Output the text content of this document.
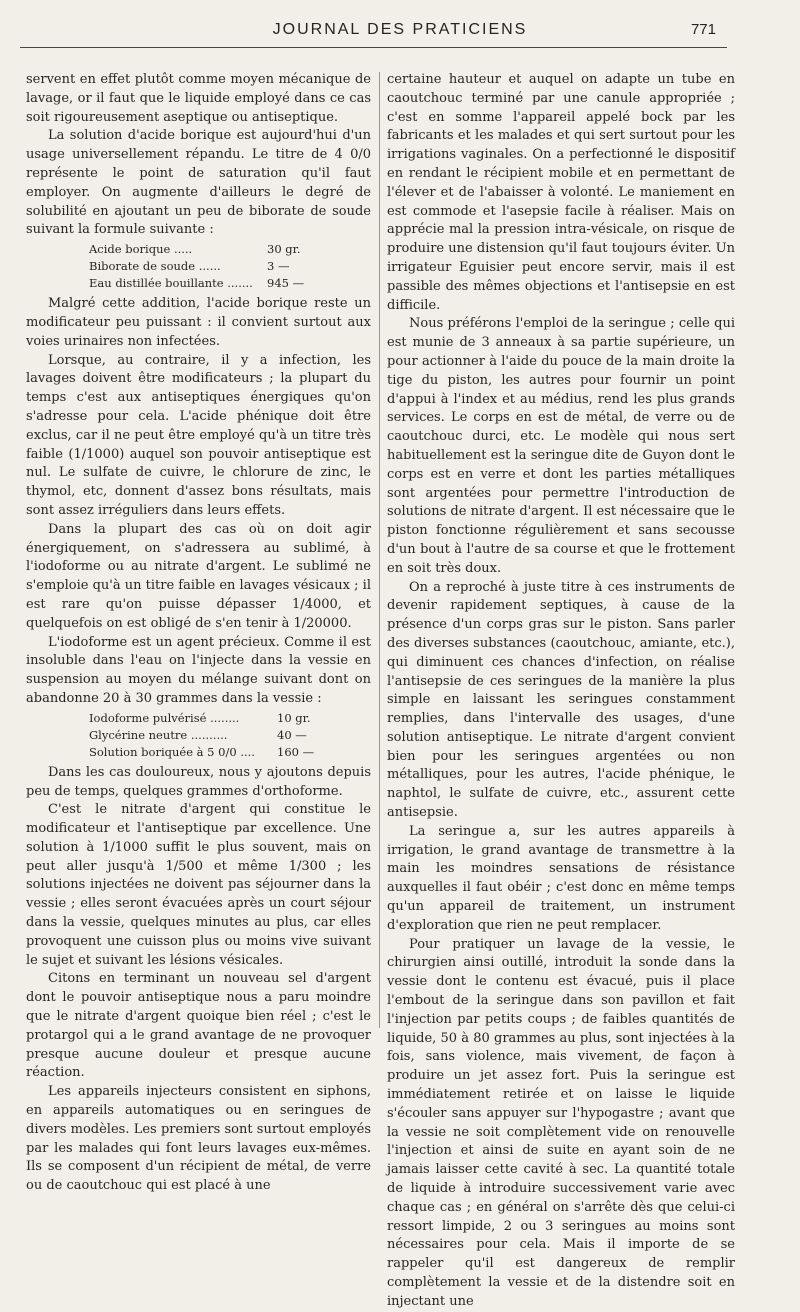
JOURNAL DES PRATICIENS	771

servent en effet plutôt comme moyen mécanique de lavage, or il faut que le liquide employé dans ce cas soit rigoureusement aseptique ou antiseptique.

La solution d'acide borique est aujourd'hui d'un usage universellement répandu. Le titre de 4 0/0 représente le point de saturation qu'il faut employer. On augmente d'ailleurs le degré de solubilité en ajoutant un peu de biborate de soude suivant la formule suivante :

Acide borique .....	30 gr.
Biborate de soude ......	3 —
Eau distillée bouillante .......	945 —

Malgré cette addition, l'acide borique reste un modificateur peu puissant : il convient surtout aux voies urinaires non infectées.

Lorsque, au contraire, il y a infection, les lavages doivent être modificateurs ; la plupart du temps c'est aux antiseptiques énergiques qu'on s'adresse pour cela. L'acide phénique doit être exclus, car il ne peut être employé qu'à un titre très faible (1/1000) auquel son pouvoir antiseptique est nul. Le sulfate de cuivre, le chlorure de zinc, le thymol, etc, donnent d'assez bons résultats, mais sont assez irréguliers dans leurs effets.

Dans la plupart des cas où on doit agir énergiquement, on s'adressera au sublimé, à l'iodoforme ou au nitrate d'argent. Le sublimé ne s'emploie qu'à un titre faible en lavages vésicaux ; il est rare qu'on puisse dépasser 1/4000, et quelquefois on est obligé de s'en tenir à 1/20000.

L'iodoforme est un agent précieux. Comme il est insoluble dans l'eau on l'injecte dans la vessie en suspension au moyen du mélange suivant dont on abandonne 20 à 30 grammes dans la vessie :

Iodoforme pulvérisé ........	10 gr.
Glycérine neutre ..........	40 —
Solution boriquée à 5 0/0 ....	160 —

Dans les cas douloureux, nous y ajoutons depuis peu de temps, quelques grammes d'orthoforme.

C'est le nitrate d'argent qui constitue le modificateur et l'antiseptique par excellence. Une solution à 1/1000 suffit le plus souvent, mais on peut aller jusqu'à 1/500 et même 1/300 ; les solutions injectées ne doivent pas séjourner dans la vessie ; elles seront évacuées après un court séjour dans la vessie, quelques minutes au plus, car elles provoquent une cuisson plus ou moins vive suivant le sujet et suivant les lésions vésicales.

Citons en terminant un nouveau sel d'argent dont le pouvoir antiseptique nous a paru moindre que le nitrate d'argent quoique bien réel ; c'est le protargol qui a le grand avantage de ne provoquer presque aucune douleur et presque aucune réaction.

Les appareils injecteurs consistent en siphons, en appareils automatiques ou en seringues de divers modèles. Les premiers sont surtout employés par les malades qui font leurs lavages eux-mêmes. Ils se composent d'un récipient de métal, de verre ou de caoutchouc qui est placé à une

certaine hauteur et auquel on adapte un tube en caoutchouc terminé par une canule appropriée ; c'est en somme l'appareil appelé bock par les fabricants et les malades et qui sert surtout pour les irrigations vaginales. On a perfectionné le dispositif en rendant le récipient mobile et en permettant de l'élever et de l'abaisser à volonté. Le maniement en est commode et l'asepsie facile à réaliser. Mais on apprécie mal la pression intra-vésicale, on risque de produire une distension qu'il faut toujours éviter. Un irrigateur Eguisier peut encore servir, mais il est passible des mêmes objections et l'antisepsie en est difficile.

Nous préférons l'emploi de la seringue ; celle qui est munie de 3 anneaux à sa partie supérieure, un pour actionner à l'aide du pouce de la main droite la tige du piston, les autres pour fournir un point d'appui à l'index et au médius, rend les plus grands services. Le corps en est de métal, de verre ou de caoutchouc durci, etc. Le modèle qui nous sert habituellement est la seringue dite de Guyon dont le corps est en verre et dont les parties métalliques sont argentées pour permettre l'introduction de solutions de nitrate d'argent. Il est nécessaire que le piston fonctionne régulièrement et sans secousse d'un bout à l'autre de sa course et que le frottement en soit très doux.

On a reproché à juste titre à ces instruments de devenir rapidement septiques, à cause de la présence d'un corps gras sur le piston. Sans parler des diverses substances (caoutchouc, amiante, etc.), qui diminuent ces chances d'infection, on réalise l'antisepsie de ces seringues de la manière la plus simple en laissant les seringues constamment remplies, dans l'intervalle des usages, d'une solution antiseptique. Le nitrate d'argent convient bien pour les seringues argentées ou non métalliques, pour les autres, l'acide phénique, le naphtol, le sulfate de cuivre, etc., assurent cette antisepsie.

La seringue a, sur les autres appareils à irrigation, le grand avantage de transmettre à la main les moindres sensations de résistance auxquelles il faut obéir ; c'est donc en même temps qu'un appareil de traitement, un instrument d'exploration que rien ne peut remplacer.

Pour pratiquer un lavage de la vessie, le chirurgien ainsi outillé, introduit la sonde dans la vessie dont le contenu est évacué, puis il place l'embout de la seringue dans son pavillon et fait l'injection par petits coups ; de faibles quantités de liquide, 50 à 80 grammes au plus, sont injectées à la fois, sans violence, mais vivement, de façon à produire un jet assez fort. Puis la seringue est immédiatement retirée et on laisse le liquide s'écouler sans appuyer sur l'hypogastre ; avant que la vessie ne soit complètement vide on renouvelle l'injection et ainsi de suite en ayant soin de ne jamais laisser cette cavité à sec. La quantité totale de liquide à introduire successivement varie avec chaque cas ; en général on s'arrête dès que celui-ci ressort limpide, 2 ou 3 seringues au moins sont nécessaires pour cela. Mais il importe de se rappeler qu'il est dangereux de remplir complètement la vessie et de la distendre soit en injectant une
